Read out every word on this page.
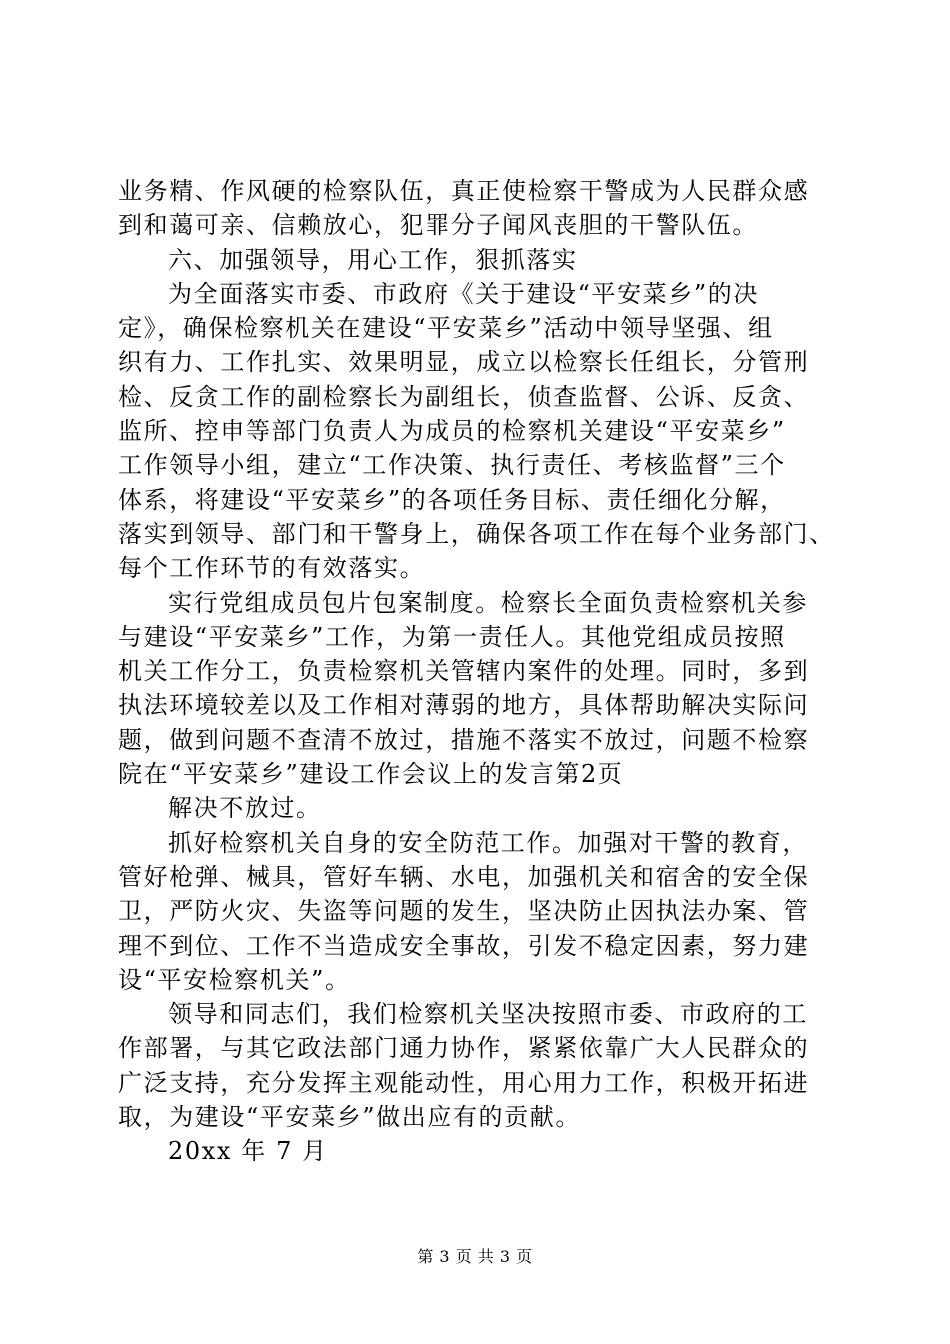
业务精、作风硬的检察队伍，真正使检察干警成为人民群众感
到和蔼可亲、信赖放心，犯罪分子闻风丧胆的干警队伍。
六、加强领导，用心工作，狠抓落实
为全面落实市委、市政府《关于建设“平安菜乡”的决
定》，确保检察机关在建设“平安菜乡”活动中领导坚强、组
织有力、工作扎实、效果明显，成立以检察长任组长，分管刑
检、反贪工作的副检察长为副组长，侦查监督、公诉、反贪、
监所、控申等部门负责人为成员的检察机关建设“平安菜乡”
工作领导小组，建立“工作决策、执行责任、考核监督”三个
体系，将建设“平安菜乡”的各项任务目标、责任细化分解，
落实到领导、部门和干警身上，确保各项工作在每个业务部门、
每个工作环节的有效落实。
实行党组成员包片包案制度。检察长全面负责检察机关参
与建设“平安菜乡”工作，为第一责任人。其他党组成员按照
机关工作分工，负责检察机关管辖内案件的处理。同时，多到
执法环境较差以及工作相对薄弱的地方，具体帮助解决实际问
题，做到问题不查清不放过，措施不落实不放过，问题不检察
院在“平安菜乡”建设工作会议上的发言第2页
解决不放过。
抓好检察机关自身的安全防范工作。加强对干警的教育，
管好枪弹、械具，管好车辆、水电，加强机关和宿舍的安全保
卫，严防火灾、失盗等问题的发生，坚决防止因执法办案、管
理不到位、工作不当造成安全事故，引发不稳定因素，努力建
设“平安检察机关”。
领导和同志们，我们检察机关坚决按照市委、市政府的工
作部署，与其它政法部门通力协作，紧紧依靠广大人民群众的
广泛支持，充分发挥主观能动性，用心用力工作，积极开拓进
取，为建设“平安菜乡”做出应有的贡献。
20xx 年 7 月
第 3 页 共 3 页
